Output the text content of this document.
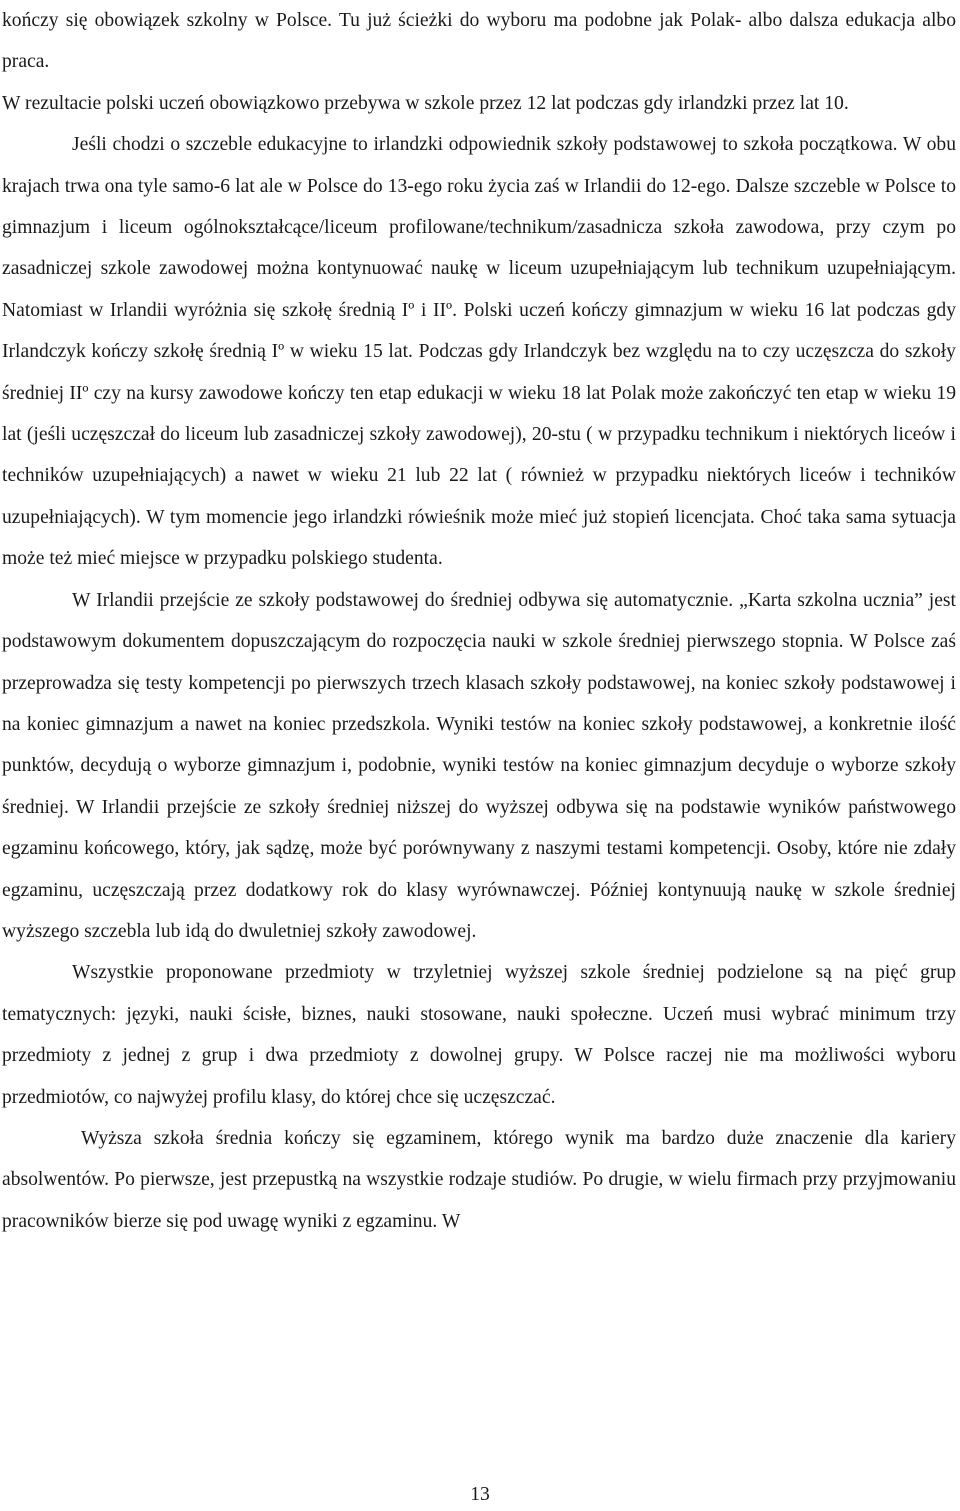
kończy się obowiązek szkolny w Polsce. Tu już ścieżki do wyboru ma podobne jak Polak- albo dalsza edukacja albo praca.

W rezultacie polski uczeń obowiązkowo przebywa w szkole przez 12 lat podczas gdy irlandzki przez lat 10.

Jeśli chodzi o szczeble edukacyjne to irlandzki odpowiednik szkoły podstawowej to szkoła początkowa. W obu krajach trwa ona tyle samo-6 lat ale w Polsce do 13-ego roku życia zaś w Irlandii do 12-ego. Dalsze szczeble w Polsce to gimnazjum i liceum ogólnokształcące/liceum profilowane/technikum/zasadnicza szkoła zawodowa, przy czym po zasadniczej szkole zawodowej można kontynuować naukę w liceum uzupełniającym lub technikum uzupełniającym. Natomiast w Irlandii wyróżnia się szkołę średnią Iº i IIº. Polski uczeń kończy gimnazjum w wieku 16 lat podczas gdy Irlandczyk kończy szkołę średnią Iº w wieku 15 lat. Podczas gdy Irlandczyk bez względu na to czy uczęszcza do szkoły średniej IIº czy na kursy zawodowe kończy ten etap edukacji w wieku 18 lat Polak może zakończyć ten etap w wieku 19 lat (jeśli uczęszczał do liceum lub zasadniczej szkoły zawodowej), 20-stu ( w przypadku technikum i niektórych liceów i techników uzupełniających) a nawet w wieku 21 lub 22 lat ( również w przypadku niektórych liceów i techników uzupełniających). W tym momencie jego irlandzki rówieśnik może mieć już stopień licencjata. Choć taka sama sytuacja może też mieć miejsce w przypadku polskiego studenta.

W Irlandii przejście ze szkoły podstawowej do średniej odbywa się automatycznie. „Karta szkolna ucznia” jest podstawowym dokumentem dopuszczającym do rozpoczęcia nauki w szkole średniej pierwszego stopnia. W Polsce zaś przeprowadza się testy kompetencji po pierwszych trzech klasach szkoły podstawowej, na koniec szkoły podstawowej i na koniec gimnazjum a nawet na koniec przedszkola. Wyniki testów na koniec szkoły podstawowej, a konkretnie ilość punktów, decydują o wyborze gimnazjum i, podobnie, wyniki testów na koniec gimnazjum decyduje o wyborze szkoły średniej. W Irlandii przejście ze szkoły średniej niższej do wyższej odbywa się na podstawie wyników państwowego egzaminu końcowego, który, jak sądzę, może być porównywany z naszymi testami kompetencji. Osoby, które nie zdały egzaminu, uczęszczają przez dodatkowy rok do klasy wyrównawczej. Później kontynuują naukę w szkole średniej wyższego szczebla lub idą do dwuletniej szkoły zawodowej.

Wszystkie proponowane przedmioty w trzyletniej wyższej szkole średniej podzielone są na pięć grup tematycznych: języki, nauki ścisłe, biznes, nauki stosowane, nauki społeczne. Uczeń musi wybrać minimum trzy przedmioty z jednej z grup i dwa przedmioty z dowolnej grupy. W Polsce raczej nie ma możliwości wyboru przedmiotów, co najwyżej profilu klasy, do której chce się uczęszczać.

Wyższa szkoła średnia kończy się egzaminem, którego wynik ma bardzo duże znaczenie dla kariery absolwentów. Po pierwsze, jest przepustką na wszystkie rodzaje studiów. Po drugie, w wielu firmach przy przyjmowaniu pracowników bierze się pod uwagę wyniki z egzaminu. W

13
